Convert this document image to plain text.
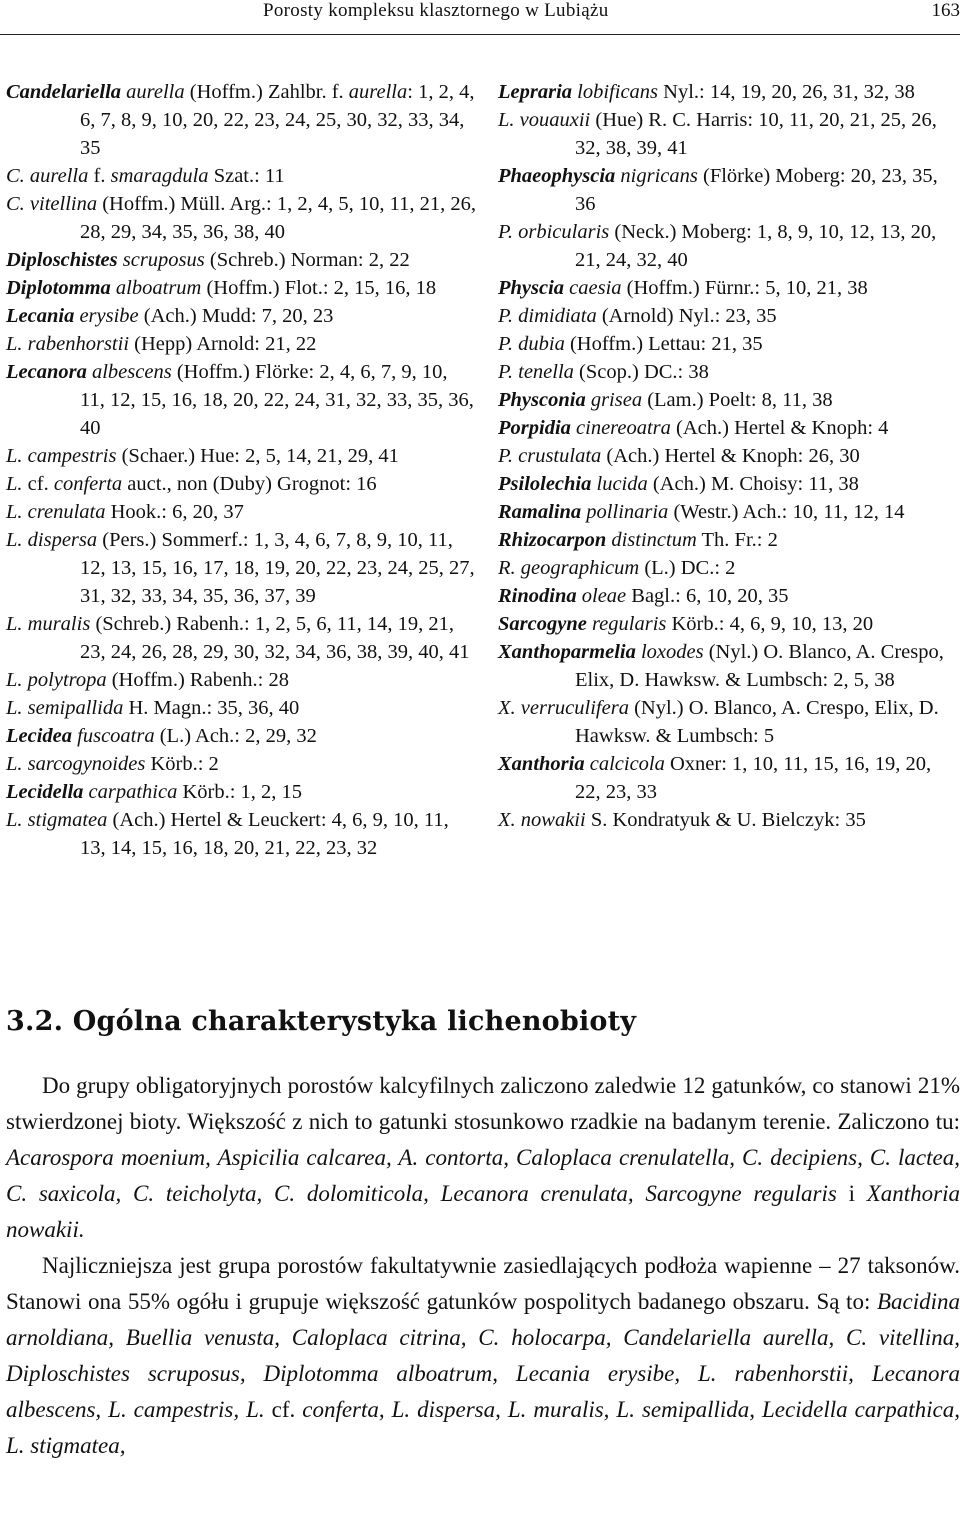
Porosty kompleksu klasztornego w Lubiążu	163

Candelariella aurella (Hoffm.) Zahlbr. f. aurella: 1, 2, 4, 6, 7, 8, 9, 10, 20, 22, 23, 24, 25, 30, 32, 33, 34, 35

C. aurella f. smaragdula Szat.: 11

C. vitellina (Hoffm.) Müll. Arg.: 1, 2, 4, 5, 10, 11, 21, 26, 28, 29, 34, 35, 36, 38, 40

Diploschistes scruposus (Schreb.) Norman: 2, 22

Diplotomma alboatrum (Hoffm.) Flot.: 2, 15, 16, 18

Lecania erysibe (Ach.) Mudd: 7, 20, 23

L. rabenhorstii (Hepp) Arnold: 21, 22

Lecanora albescens (Hoffm.) Flörke: 2, 4, 6, 7, 9, 10, 11, 12, 15, 16, 18, 20, 22, 24, 31, 32, 33, 35, 36, 40

L. campestris (Schaer.) Hue: 2, 5, 14, 21, 29, 41

L. cf. conferta auct., non (Duby) Grognot: 16

L. crenulata Hook.: 6, 20, 37

L. dispersa (Pers.) Sommerf.: 1, 3, 4, 6, 7, 8, 9, 10, 11, 12, 13, 15, 16, 17, 18, 19, 20, 22, 23, 24, 25, 27, 31, 32, 33, 34, 35, 36, 37, 39

L. muralis (Schreb.) Rabenh.: 1, 2, 5, 6, 11, 14, 19, 21, 23, 24, 26, 28, 29, 30, 32, 34, 36, 38, 39, 40, 41

L. polytropa (Hoffm.) Rabenh.: 28

L. semipallida H. Magn.: 35, 36, 40

Lecidea fuscoatra (L.) Ach.: 2, 29, 32

L. sarcogynoides Körb.: 2

Lecidella carpathica Körb.: 1, 2, 15

L. stigmatea (Ach.) Hertel & Leuckert: 4, 6, 9, 10, 11, 13, 14, 15, 16, 18, 20, 21, 22, 23, 32

Lepraria lobificans Nyl.: 14, 19, 20, 26, 31, 32, 38

L. vouauxii (Hue) R. C. Harris: 10, 11, 20, 21, 25, 26, 32, 38, 39, 41

Phaeophyscia nigricans (Flörke) Moberg: 20, 23, 35, 36

P. orbicularis (Neck.) Moberg: 1, 8, 9, 10, 12, 13, 20, 21, 24, 32, 40

Physcia caesia (Hoffm.) Fürnr.: 5, 10, 21, 38

P. dimidiata (Arnold) Nyl.: 23, 35

P. dubia (Hoffm.) Lettau: 21, 35

P. tenella (Scop.) DC.: 38

Physconia grisea (Lam.) Poelt: 8, 11, 38

Porpidia cinereoatra (Ach.) Hertel & Knoph: 4

P. crustulata (Ach.) Hertel & Knoph: 26, 30

Psilolechia lucida (Ach.) M. Choisy: 11, 38

Ramalina pollinaria (Westr.) Ach.: 10, 11, 12, 14

Rhizocarpon distinctum Th. Fr.: 2

R. geographicum (L.) DC.: 2

Rinodina oleae Bagl.: 6, 10, 20, 35

Sarcogyne regularis Körb.: 4, 6, 9, 10, 13, 20

Xanthoparmelia loxodes (Nyl.) O. Blanco, A. Crespo, Elix, D. Hawksw. & Lumbsch: 2, 5, 38

X. verruculifera (Nyl.) O. Blanco, A. Crespo, Elix, D. Hawksw. & Lumbsch: 5

Xanthoria calcicola Oxner: 1, 10, 11, 15, 16, 19, 20, 22, 23, 33

X. nowakii S. Kondratyuk & U. Bielczyk: 35

3.2. Ogólna charakterystyka lichenobioty

Do grupy obligatoryjnych porostów kalcyfilnych zaliczono zaledwie 12 gatunków, co stanowi 21% stwierdzonej bioty. Większość z nich to gatunki stosunkowo rzadkie na badanym terenie. Zaliczono tu: Acarospora moenium, Aspicilia calcarea, A. contorta, Caloplaca crenulatella, C. decipiens, C. lactea, C. saxicola, C. teicholyta, C. dolomiticola, Lecanora crenulata, Sarcogyne regularis i Xanthoria nowakii.

Najliczniejsza jest grupa porostów fakultatywnie zasiedlających podłoża wapienne – 27 taksonów. Stanowi ona 55% ogółu i grupuje większość gatunków pospolitych badanego obszaru. Są to: Bacidina arnoldiana, Buellia venusta, Caloplaca citrina, C. holocarpa, Candelariella aurella, C. vitellina, Diploschistes scruposus, Diplotomma alboatrum, Lecania erysibe, L. rabenhorstii, Lecanora albescens, L. campestris, L. cf. conferta, L. dispersa, L. muralis, L. semipallida, Lecidella carpathica, L. stigmatea,
